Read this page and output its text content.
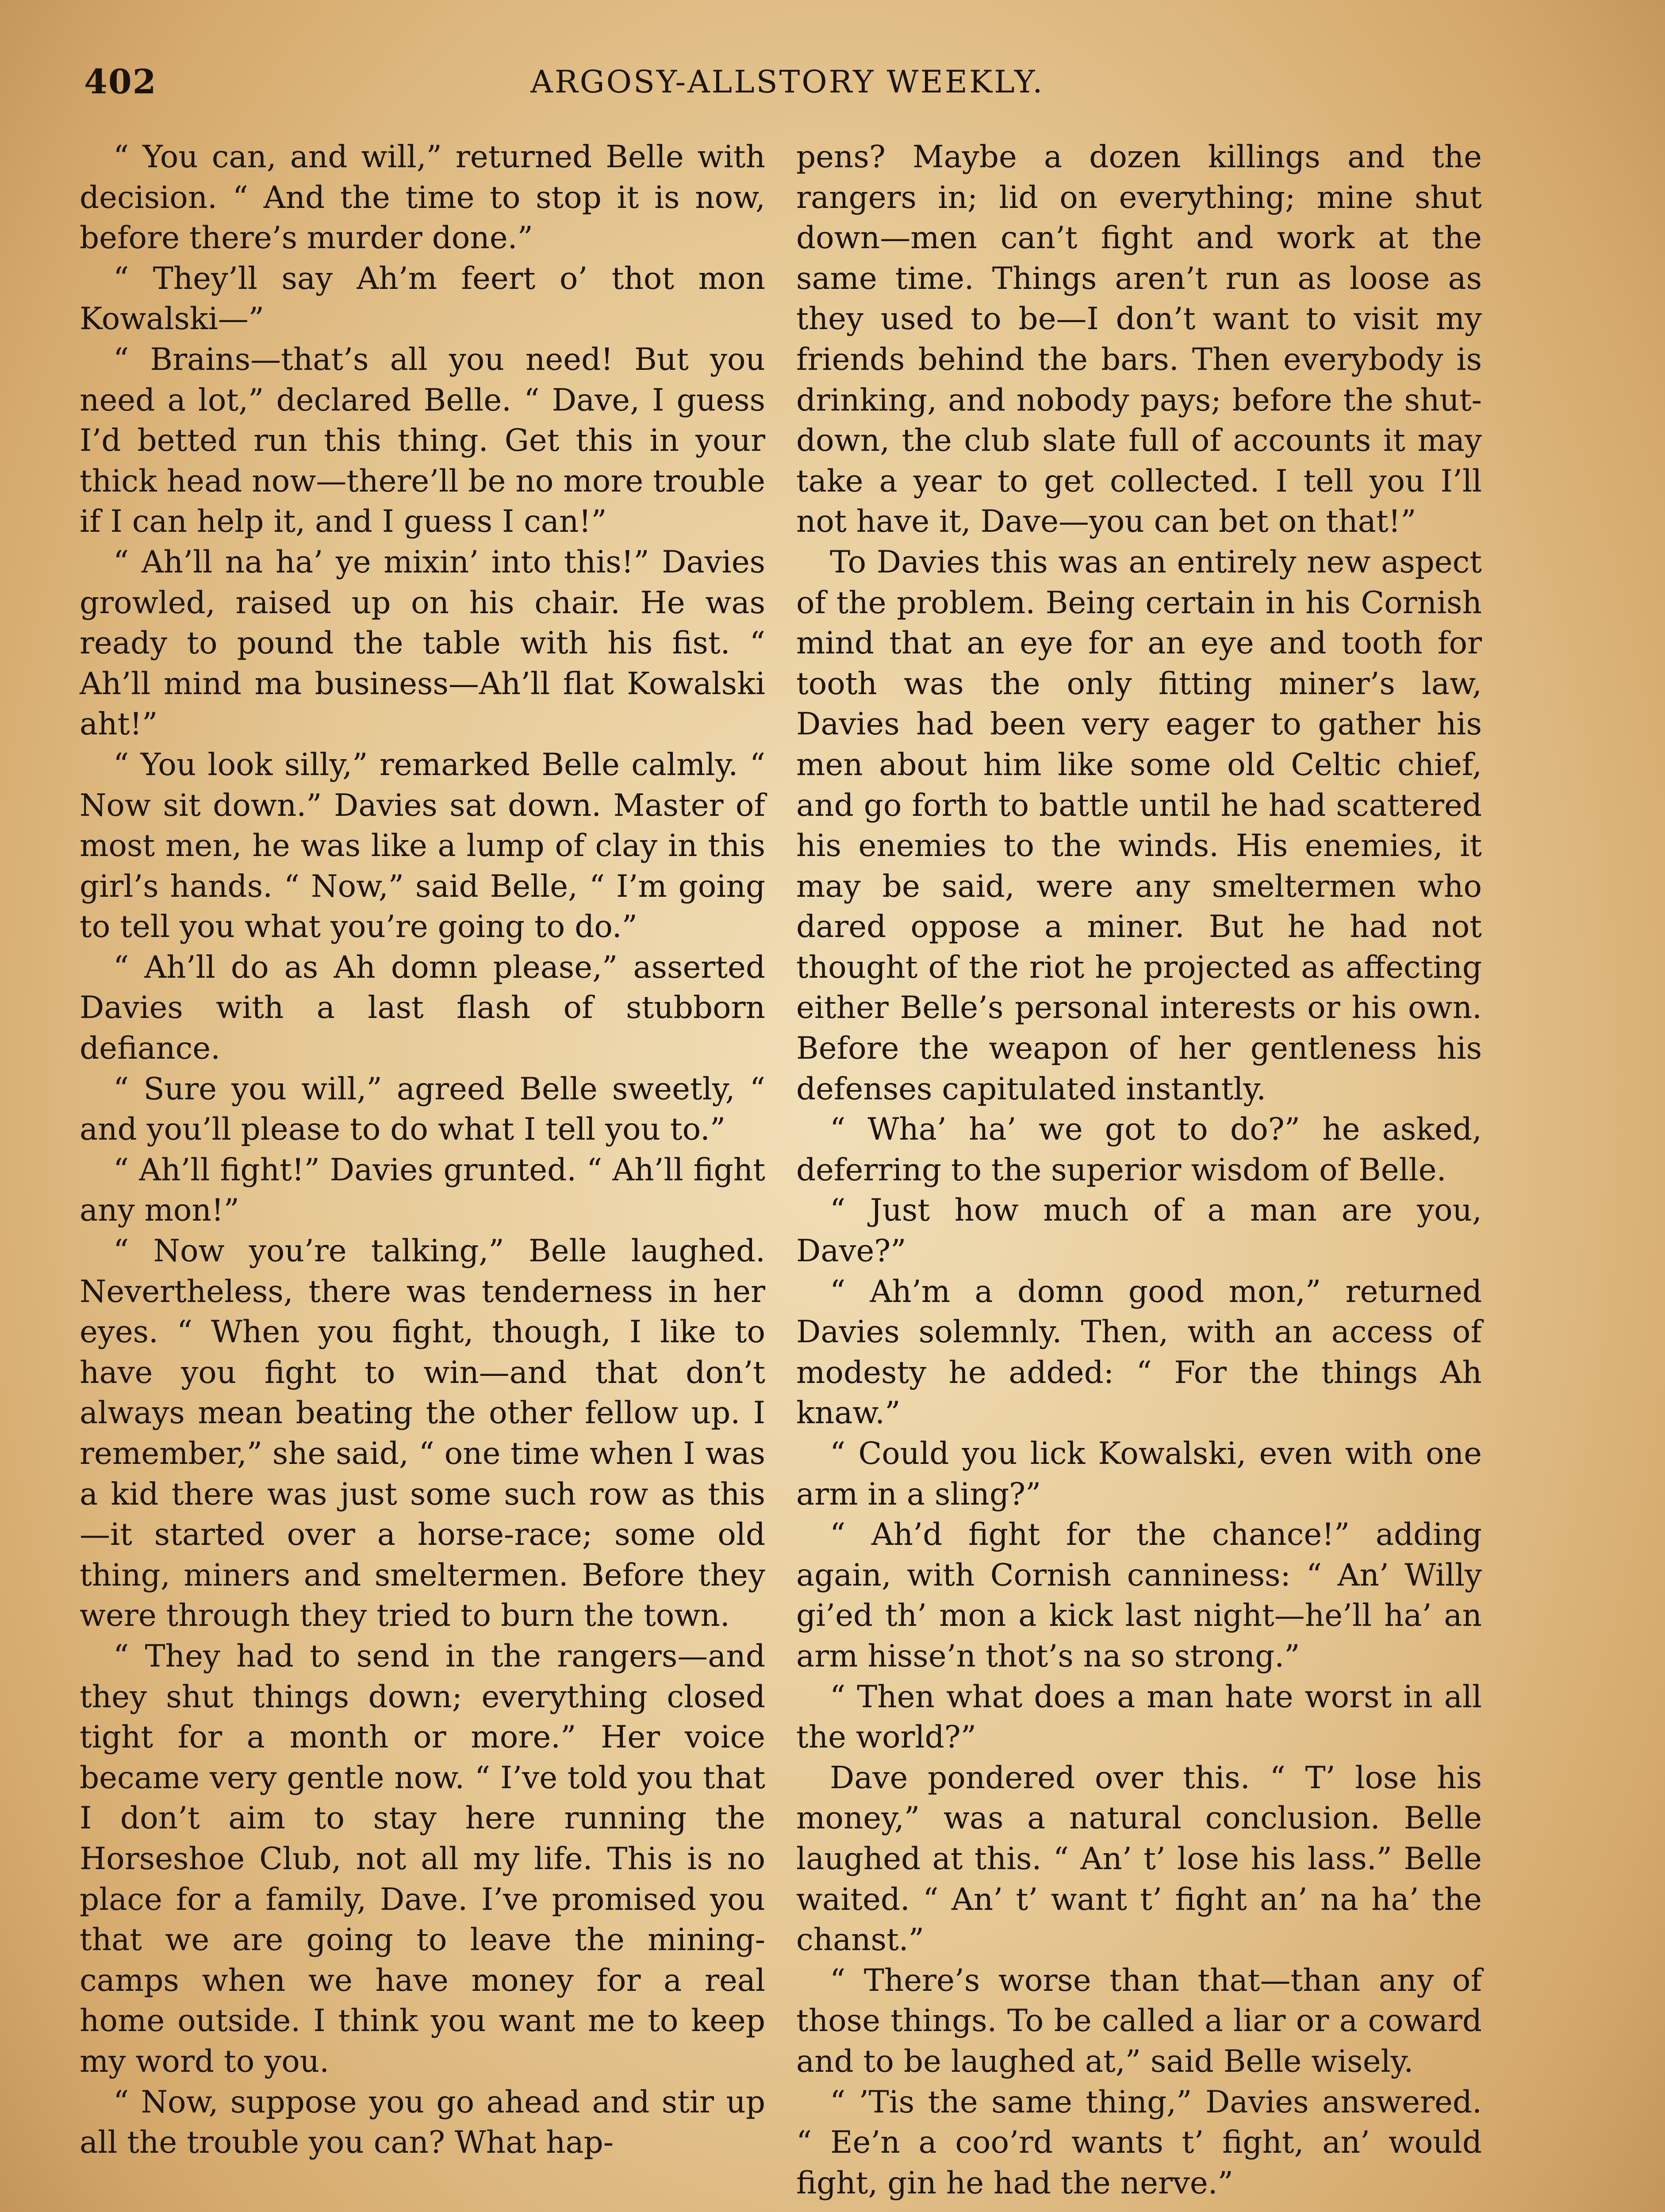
402	ARGOSY-ALLSTORY WEEKLY.

“ You can, and will,” returned Belle with decision. “ And the time to stop it is now, before there’s murder done.”

“ They’ll say Ah’m feert o’ thot mon Kowalski—”

“ Brains—that’s all you need! But you need a lot,” declared Belle. “ Dave, I guess I’d betted run this thing. Get this in your thick head now—there’ll be no more trouble if I can help it, and I guess I can!”

“ Ah’ll na ha’ ye mixin’ into this!” Davies growled, raised up on his chair. He was ready to pound the table with his fist. “ Ah’ll mind ma business—Ah’ll flat Kowalski aht!”

“ You look silly,” remarked Belle calmly. “ Now sit down.” Davies sat down. Master of most men, he was like a lump of clay in this girl’s hands. “ Now,” said Belle, “ I’m going to tell you what you’re going to do.”

“ Ah’ll do as Ah domn please,” asserted Davies with a last flash of stubborn defiance.

“ Sure you will,” agreed Belle sweetly, “ and you’ll please to do what I tell you to.”

“ Ah’ll fight!” Davies grunted. “ Ah’ll fight any mon!”

“ Now you’re talking,” Belle laughed. Nevertheless, there was tenderness in her eyes. “ When you fight, though, I like to have you fight to win—and that don’t always mean beating the other fellow up. I remember,” she said, “ one time when I was a kid there was just some such row as this—it started over a horse-race; some old thing, miners and smeltermen. Before they were through they tried to burn the town.

“ They had to send in the rangers—and they shut things down; everything closed tight for a month or more.” Her voice became very gentle now. “ I’ve told you that I don’t aim to stay here running the Horseshoe Club, not all my life. This is no place for a family, Dave. I’ve promised you that we are going to leave the mining-camps when we have money for a real home outside. I think you want me to keep my word to you.

“ Now, suppose you go ahead and stir up all the trouble you can? What hap-

pens? Maybe a dozen killings and the rangers in; lid on everything; mine shut down—men can’t fight and work at the same time. Things aren’t run as loose as they used to be—I don’t want to visit my friends behind the bars. Then everybody is drinking, and nobody pays; before the shut-down, the club slate full of accounts it may take a year to get collected. I tell you I’ll not have it, Dave—you can bet on that!”

To Davies this was an entirely new aspect of the problem. Being certain in his Cornish mind that an eye for an eye and tooth for tooth was the only fitting miner’s law, Davies had been very eager to gather his men about him like some old Celtic chief, and go forth to battle until he had scattered his enemies to the winds. His enemies, it may be said, were any smeltermen who dared oppose a miner. But he had not thought of the riot he projected as affecting either Belle’s personal interests or his own. Before the weapon of her gentleness his defenses capitulated instantly.

“ Wha’ ha’ we got to do?” he asked, deferring to the superior wisdom of Belle.

“ Just how much of a man are you, Dave?”

“ Ah’m a domn good mon,” returned Davies solemnly. Then, with an access of modesty he added: “ For the things Ah knaw.”

“ Could you lick Kowalski, even with one arm in a sling?”

“ Ah’d fight for the chance!” adding again, with Cornish canniness: “ An’ Willy gi’ed th’ mon a kick last night—he’ll ha’ an arm hisse’n thot’s na so strong.”

“ Then what does a man hate worst in all the world?”

Dave pondered over this. “ T’ lose his money,” was a natural conclusion. Belle laughed at this. “ An’ t’ lose his lass.” Belle waited. “ An’ t’ want t’ fight an’ na ha’ the chanst.”

“ There’s worse than that—than any of those things. To be called a liar or a coward and to be laughed at,” said Belle wisely.

“ ’Tis the same thing,” Davies answered. “ Ee’n a coo’rd wants t’ fight, an’ would fight, gin he had the nerve.”
